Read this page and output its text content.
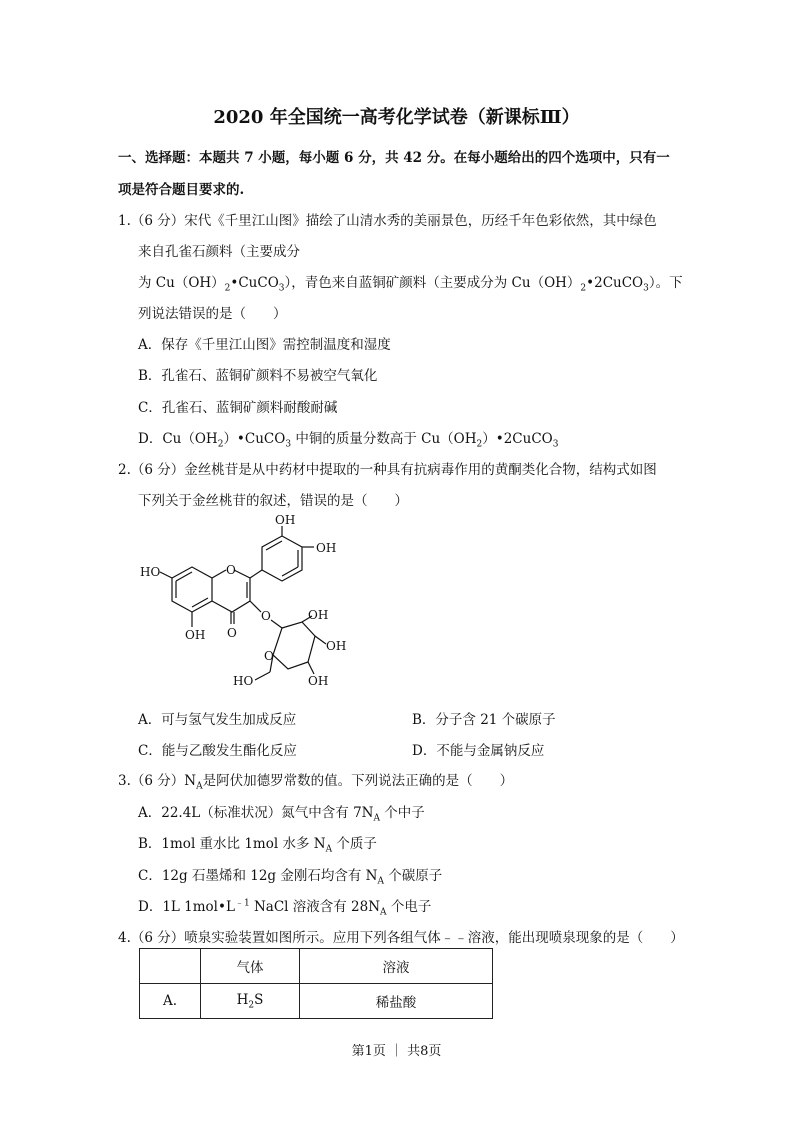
2020 年全国统一高考化学试卷（新课标Ⅲ）
一、选择题：本题共 7 小题，每小题 6 分，共 42 分。在每小题给出的四个选项中，只有一
项是符合题目要求的.
1.（6 分）宋代《千里江山图》描绘了山清水秀的美丽景色，历经千年色彩依然，其中绿色
来自孔雀石颜料（主要成分
为 $Cu(OH)_2•CuCO_3$），青色来自蓝铜矿颜料（主要成分为 $Cu(OH)_2•2CuCO_3$）。下
列说法错误的是（　　）
A．保存《千里江山图》需控制温度和湿度
B．孔雀石、蓝铜矿颜料不易被空气氧化
C．孔雀石、蓝铜矿颜料耐酸耐碱
D．$Cu(OH_2)•CuCO_3$ 中铜的质量分数高于 $Cu(OH_2)•2CuCO_3$
2.（6 分）金丝桃苷是从中药材中提取的一种具有抗病毒作用的黄酮类化合物，结构式如图
下列关于金丝桃苷的叙述，错误的是（　　）
OH
OH
HO	O
O
OH O
OH
OH
OH
O
HO
A．可与氢气发生加成反应	B．分子含 21 个碳原子
C．能与乙酸发生酯化反应	D．不能与金属钠反应
3.（6 分）$N_A$是阿伏加德罗常数的值。下列说法正确的是（　　）
A．22.4L（标准状况）氮气中含有 $7N_A$ 个中子
B．1mol 重水比 1mol 水多 $N_A$ 个质子
C．12g 石墨烯和 12g 金刚石均含有 $N_A$ 个碳原子
D．1L $1mol•L^{﹣1}$ NaCl 溶液含有 $28N_A$ 个电子
4.（6 分）喷泉实验装置如图所示。应用下列各组气体﹣﹣溶液，能出现喷泉现象的是（　　）
	气体	溶液
A.	$H_2S$	稀盐酸
第1页 ｜ 共8页
